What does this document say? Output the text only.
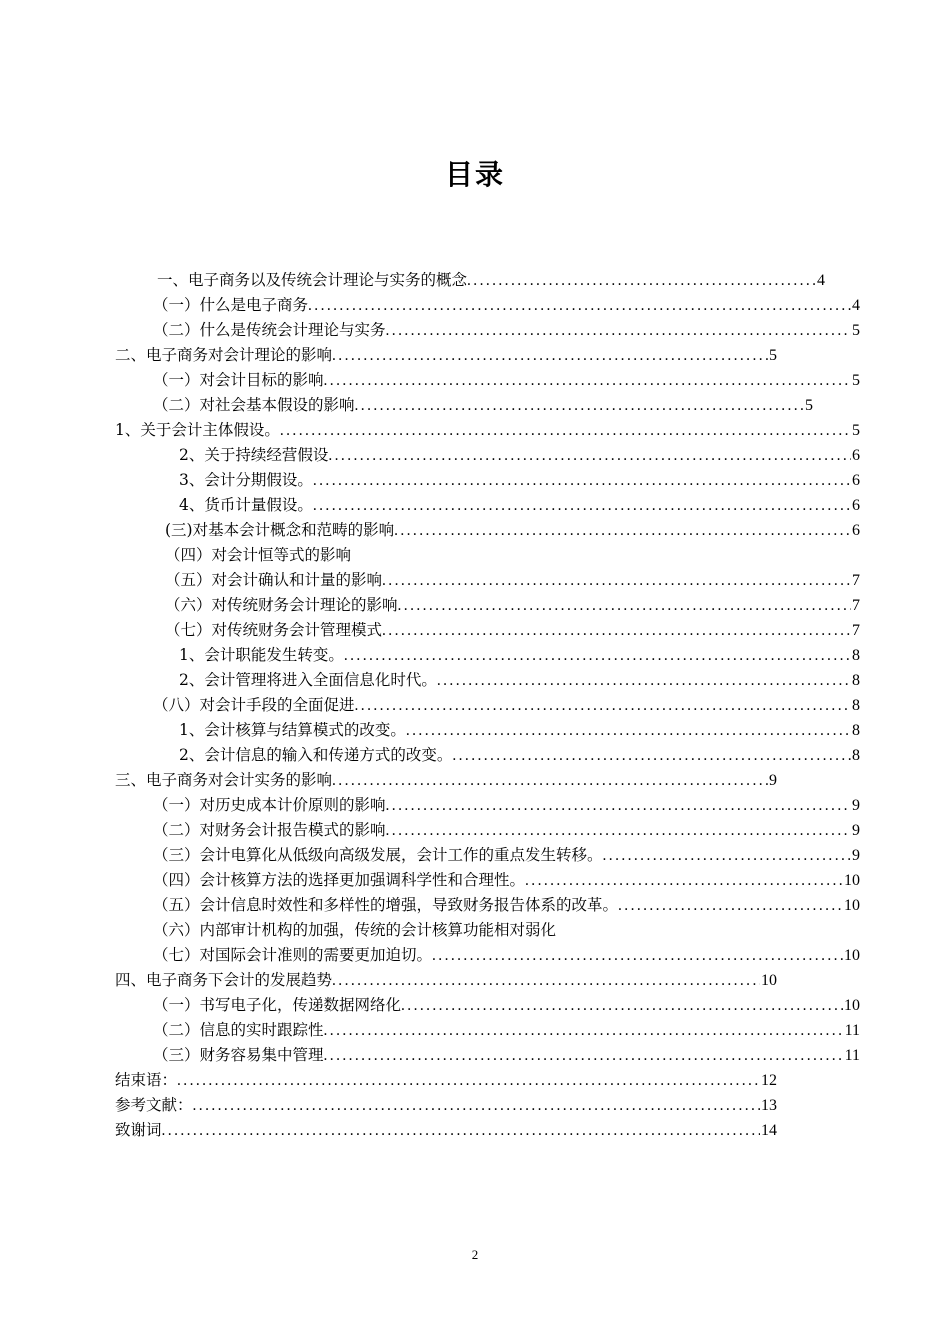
目录
一、电子商务以及传统会计理论与实务的概念 .....	4
（一）什么是电子商务 .....	4
（二）什么是传统会计理论与实务 .....	5
二、电子商务对会计理论的影响 .....	5
（一）对会计目标的影响 .....	5
（二）对社会基本假设的影响 .....	5
1、关于会计主体假设。 .....	5
2、关于持续经营假设 .....	6
3、会计分期假设。 .....	6
4、货币计量假设。 .....	6
(三)对基本会计概念和范畴的影响 .....	6
（四）对会计恒等式的影响
（五）对会计确认和计量的影响 .....	7
（六）对传统财务会计理论的影响 .....	7
（七）对传统财务会计管理模式 .....	7
1、会计职能发生转变。 .....	8
2、会计管理将进入全面信息化时代。 .....	8
（八）对会计手段的全面促进 .....	8
1、会计核算与结算模式的改变。 .....	8
2、会计信息的输入和传递方式的改变。 .....	8
三、电子商务对会计实务的影响 .....	9
（一）对历史成本计价原则的影响 .....	9
（二）对财务会计报告模式的影响 .....	9
（三）会计电算化从低级向高级发展，会计工作的重点发生转移。 .....	9
（四）会计核算方法的选择更加强调科学性和合理性。 .....	10
（五）会计信息时效性和多样性的增强，导致财务报告体系的改革。 .....	10
（六）内部审计机构的加强，传统的会计核算功能相对弱化
（七）对国际会计准则的需要更加迫切。 .....	10
四、电子商务下会计的发展趋势 .....	10
（一）书写电子化，传递数据网络化 .....	10
（二）信息的实时跟踪性 .....	11
（三）财务容易集中管理 .....	11
结束语： .....	12
参考文献： .....	13
致谢词 .....	14
2
